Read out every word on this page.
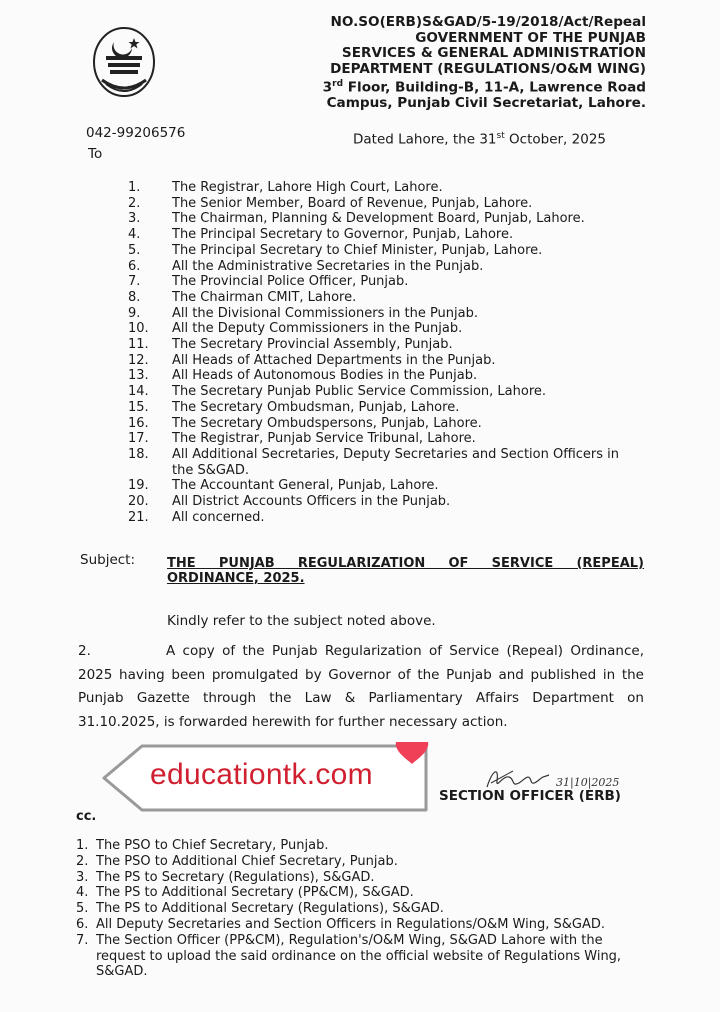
NO.SO(ERB)S&GAD/5-19/2018/Act/Repeal
GOVERNMENT OF THE PUNJAB
SERVICES & GENERAL ADMINISTRATION
DEPARTMENT (REGULATIONS/O&M WING)
3rd Floor, Building-B, 11-A, Lawrence Road
Campus, Punjab Civil Secretariat, Lahore.
042-99206576	Dated Lahore, the 31st October, 2025
To
1. The Registrar, Lahore High Court, Lahore.
2. The Senior Member, Board of Revenue, Punjab, Lahore.
3. The Chairman, Planning & Development Board, Punjab, Lahore.
4. The Principal Secretary to Governor, Punjab, Lahore.
5. The Principal Secretary to Chief Minister, Punjab, Lahore.
6. All the Administrative Secretaries in the Punjab.
7. The Provincial Police Officer, Punjab.
8. The Chairman CMIT, Lahore.
9. All the Divisional Commissioners in the Punjab.
10. All the Deputy Commissioners in the Punjab.
11. The Secretary Provincial Assembly, Punjab.
12. All Heads of Attached Departments in the Punjab.
13. All Heads of Autonomous Bodies in the Punjab.
14. The Secretary Punjab Public Service Commission, Lahore.
15. The Secretary Ombudsman, Punjab, Lahore.
16. The Secretary Ombudspersons, Punjab, Lahore.
17. The Registrar, Punjab Service Tribunal, Lahore.
18. All Additional Secretaries, Deputy Secretaries and Section Officers in the S&GAD.
19. The Accountant General, Punjab, Lahore.
20. All District Accounts Officers in the Punjab.
21. All concerned.
Subject: THE PUNJAB REGULARIZATION OF SERVICE (REPEAL)
ORDINANCE, 2025.
Kindly refer to the subject noted above.
2.	A copy of the Punjab Regularization of Service (Repeal) Ordinance, 2025 having been promulgated by Governor of the Punjab and published in the Punjab Gazette through the Law & Parliamentary Affairs Department on 31.10.2025, is forwarded herewith for further necessary action.
educationtk.com	31|10|2025
SECTION OFFICER (ERB)
cc.
1. The PSO to Chief Secretary, Punjab.
2. The PSO to Additional Chief Secretary, Punjab.
3. The PS to Secretary (Regulations), S&GAD.
4. The PS to Additional Secretary (PP&CM), S&GAD.
5. The PS to Additional Secretary (Regulations), S&GAD.
6. All Deputy Secretaries and Section Officers in Regulations/O&M Wing, S&GAD.
7. The Section Officer (PP&CM), Regulation's/O&M Wing, S&GAD Lahore with the request to upload the said ordinance on the official website of Regulations Wing, S&GAD.
